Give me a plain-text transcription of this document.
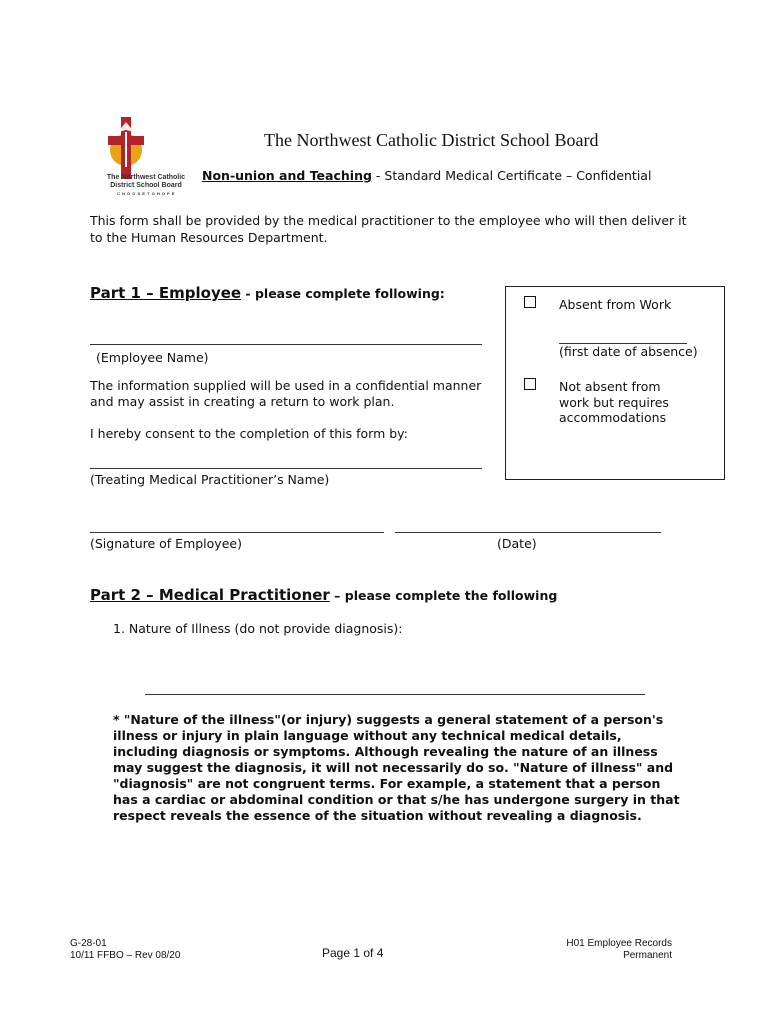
The Northwest Catholic
District School Board
C H O O S E T O H O P E
The Northwest Catholic District School Board
Non-union and Teaching - Standard Medical Certificate – Confidential
This form shall be provided by the medical practitioner to the employee who will then deliver it to the Human Resources Department.
Part 1 – Employee - please complete following:
(Employee Name)
The information supplied will be used in a confidential manner
and may assist in creating a return to work plan.
I hereby consent to the completion of this form by:
(Treating Medical Practitioner’s Name)
(Signature of Employee)	(Date)
Absent from Work
(first date of absence)
Not absent from
work but requires
accommodations
Part 2 – Medical Practitioner – please complete the following
1. Nature of Illness (do not provide diagnosis):
* "Nature of the illness"(or injury) suggests a general statement of a person's illness or injury in plain language without any technical medical details, including diagnosis or symptoms. Although revealing the nature of an illness may suggest the diagnosis, it will not necessarily do so. "Nature of illness" and "diagnosis" are not congruent terms. For example, a statement that a person has a cardiac or abdominal condition or that s/he has undergone surgery in that respect reveals the essence of the situation without revealing a diagnosis.
G-28-01
10/11 FFBO – Rev 08/20	Page 1 of 4
H01 Employee Records
Permanent
